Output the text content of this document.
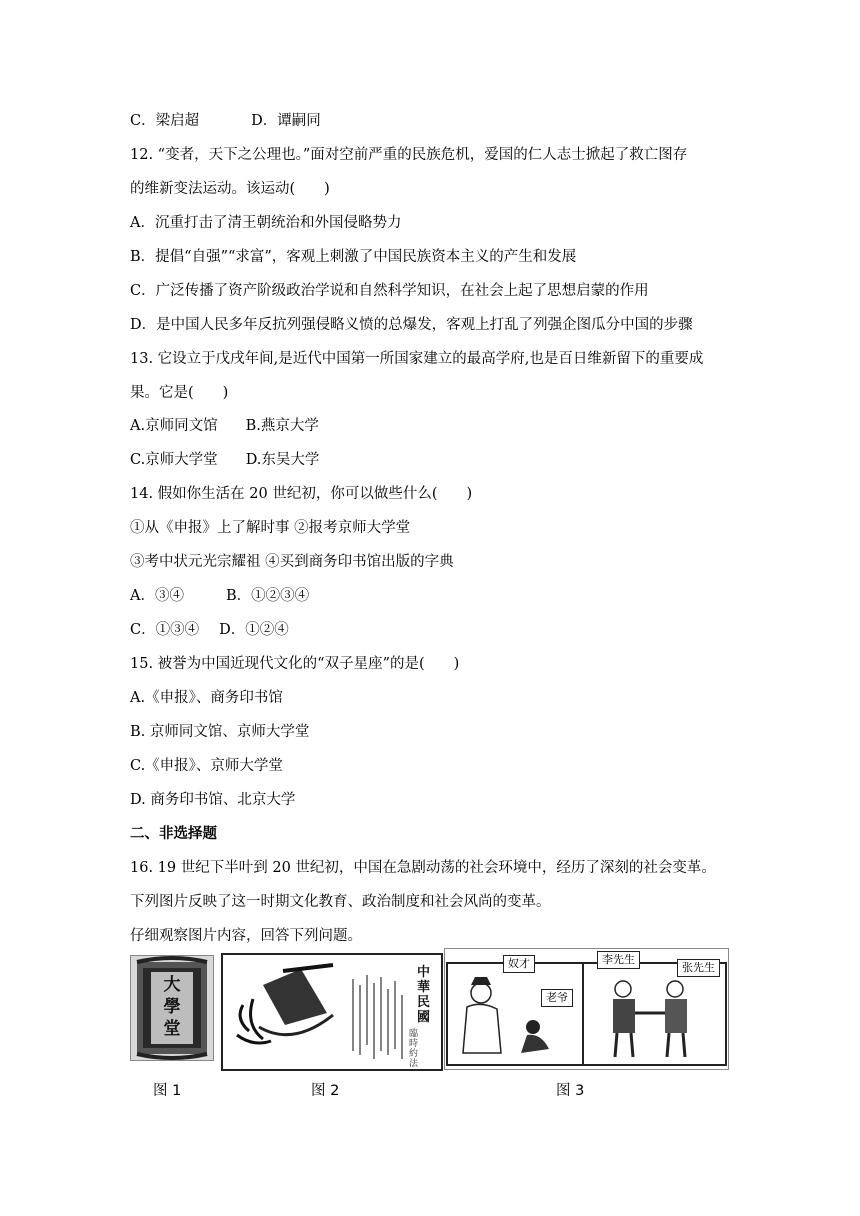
C．梁启超	D．谭嗣同
12. “变者，天下之公理也。”面对空前严重的民族危机，爱国的仁人志士掀起了救亡图存
的维新变法运动。该运动(　　)
A．沉重打击了清王朝统治和外国侵略势力
B．提倡“自强”“求富”，客观上刺激了中国民族资本主义的产生和发展
C．广泛传播了资产阶级政治学说和自然科学知识，在社会上起了思想启蒙的作用
D．是中国人民多年反抗列强侵略义愤的总爆发，客观上打乱了列强企图瓜分中国的步骤
13. 它设立于戊戌年间,是近代中国第一所国家建立的最高学府,也是百日维新留下的重要成
果。它是(　　)
A.京师同文馆 B.燕京大学
C.京师大学堂 D.东吴大学
14. 假如你生活在 20 世纪初，你可以做些什么(　　)
①从《申报》上了解时事 ②报考京师大学堂
③考中状元光宗耀祖 ④买到商务印书馆出版的字典
A．③④	B．①②③④
C．①③④ D．①②④
15. 被誉为中国近现代文化的“双子星座”的是(　　)
A.《申报》、商务印书馆
B. 京师同文馆、京师大学堂
C.《申报》、京师大学堂
D. 商务印书馆、北京大学
二、非选择题
16. 19 世纪下半叶到 20 世纪初，中国在急剧动荡的社会环境中，经历了深刻的社会变革。
下列图片反映了这一时期文化教育、政治制度和社会风尚的变革。
仔细观察图片内容，回答下列问题。
大
學
堂
中華民國
臨時約法
奴才
老爷
李先生
张先生
图 1	图 2	图 3
